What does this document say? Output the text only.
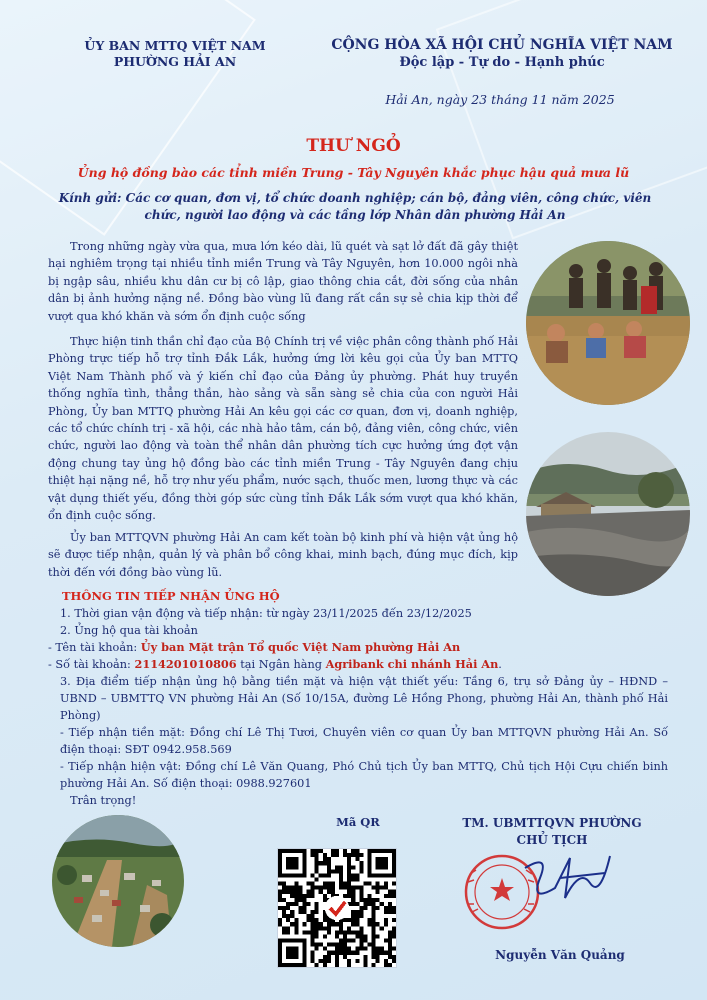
ỦY BAN MTTQ VIỆT NAM
PHƯỜNG HẢI AN
CỘNG HÒA XÃ HỘI CHỦ NGHĨA VIỆT NAM
Độc lập - Tự do - Hạnh phúc
Hải An, ngày 23 tháng 11 năm 2025
THƯ NGỎ
Ủng hộ đồng bào các tỉnh miền Trung - Tây Nguyên khắc phục hậu quả mưa lũ
Kính gửi: Các cơ quan, đơn vị, tổ chức doanh nghiệp; cán bộ, đảng viên, công chức, viên chức, người lao động và các tầng lớp Nhân dân phường Hải An

Trong những ngày vừa qua, mưa lớn kéo dài, lũ quét và sạt lở đất đã gây thiệt hại nghiêm trọng tại nhiều tỉnh miền Trung và Tây Nguyên, hơn 10.000 ngôi nhà bị ngập sâu, nhiều khu dân cư bị cô lập, giao thông chia cắt, đời sống của nhân dân bị ảnh hưởng nặng nề. Đồng bào vùng lũ đang rất cần sự sẻ chia kịp thời để vượt qua khó khăn và sớm ổn định cuộc sống

Thực hiện tinh thần chỉ đạo của Bộ Chính trị về việc phân công thành phố Hải Phòng trực tiếp hỗ trợ tỉnh Đắk Lắk, hưởng ứng lời kêu gọi của Ủy ban MTTQ Việt Nam Thành phố và ý kiến chỉ đạo của Đảng ủy phường. Phát huy truyền thống nghĩa tình, thẳng thắn, hào sảng và sẵn sàng sẻ chia của con người Hải Phòng, Ủy ban MTTQ phường Hải An kêu gọi các cơ quan, đơn vị, doanh nghiệp, các tổ chức chính trị - xã hội, các nhà hảo tâm, cán bộ, đảng viên, công chức, viên chức, người lao động và toàn thể nhân dân phường tích cực hưởng ứng đợt vận động chung tay ủng hộ đồng bào các tỉnh miền Trung - Tây Nguyên đang chịu thiệt hại nặng nề, hỗ trợ như yếu phẩm, nước sạch, thuốc men, lương thực và các vật dụng thiết yếu, đồng thời góp sức cùng tỉnh Đắk Lắk sớm vượt qua khó khăn, ổn định cuộc sống.

Ủy ban MTTQVN phường Hải An cam kết toàn bộ kinh phí và hiện vật ủng hộ sẽ được tiếp nhận, quản lý và phân bổ công khai, minh bạch, đúng mục đích, kịp thời đến với đồng bào vùng lũ.

THÔNG TIN TIẾP NHẬN ỦNG HỘ

1. Thời gian vận động và tiếp nhận: từ ngày 23/11/2025 đến 23/12/2025

2. Ủng hộ qua tài khoản

- Tên tài khoản: Ủy ban Mặt trận Tổ quốc Việt Nam phường Hải An

- Số tài khoản: 2114201010806 tại Ngân hàng Agribank chi nhánh Hải An.

3. Địa điểm tiếp nhận ủng hộ bằng tiền mặt và hiện vật thiết yếu: Tầng 6, trụ sở Đảng ủy – HĐND – UBND – UBMTTQ VN phường Hải An (Số 10/15A, đường Lê Hồng Phong, phường Hải An, thành phố Hải Phòng)

- Tiếp nhận tiền mặt: Đồng chí Lê Thị Tươi, Chuyên viên cơ quan Ủy ban MTTQVN phường Hải An. Số điện thoại: SĐT 0942.958.569

- Tiếp nhận hiện vật: Đồng chí Lê Văn Quang, Phó Chủ tịch Ủy ban MTTQ, Chủ tịch Hội Cựu chiến binh phường Hải An. Số điện thoại: 0988.927601

Trân trọng!

Mã QR	TM. UBMTTQVN PHƯỜNG
CHỦ TỊCH
Nguyễn Văn Quảng
